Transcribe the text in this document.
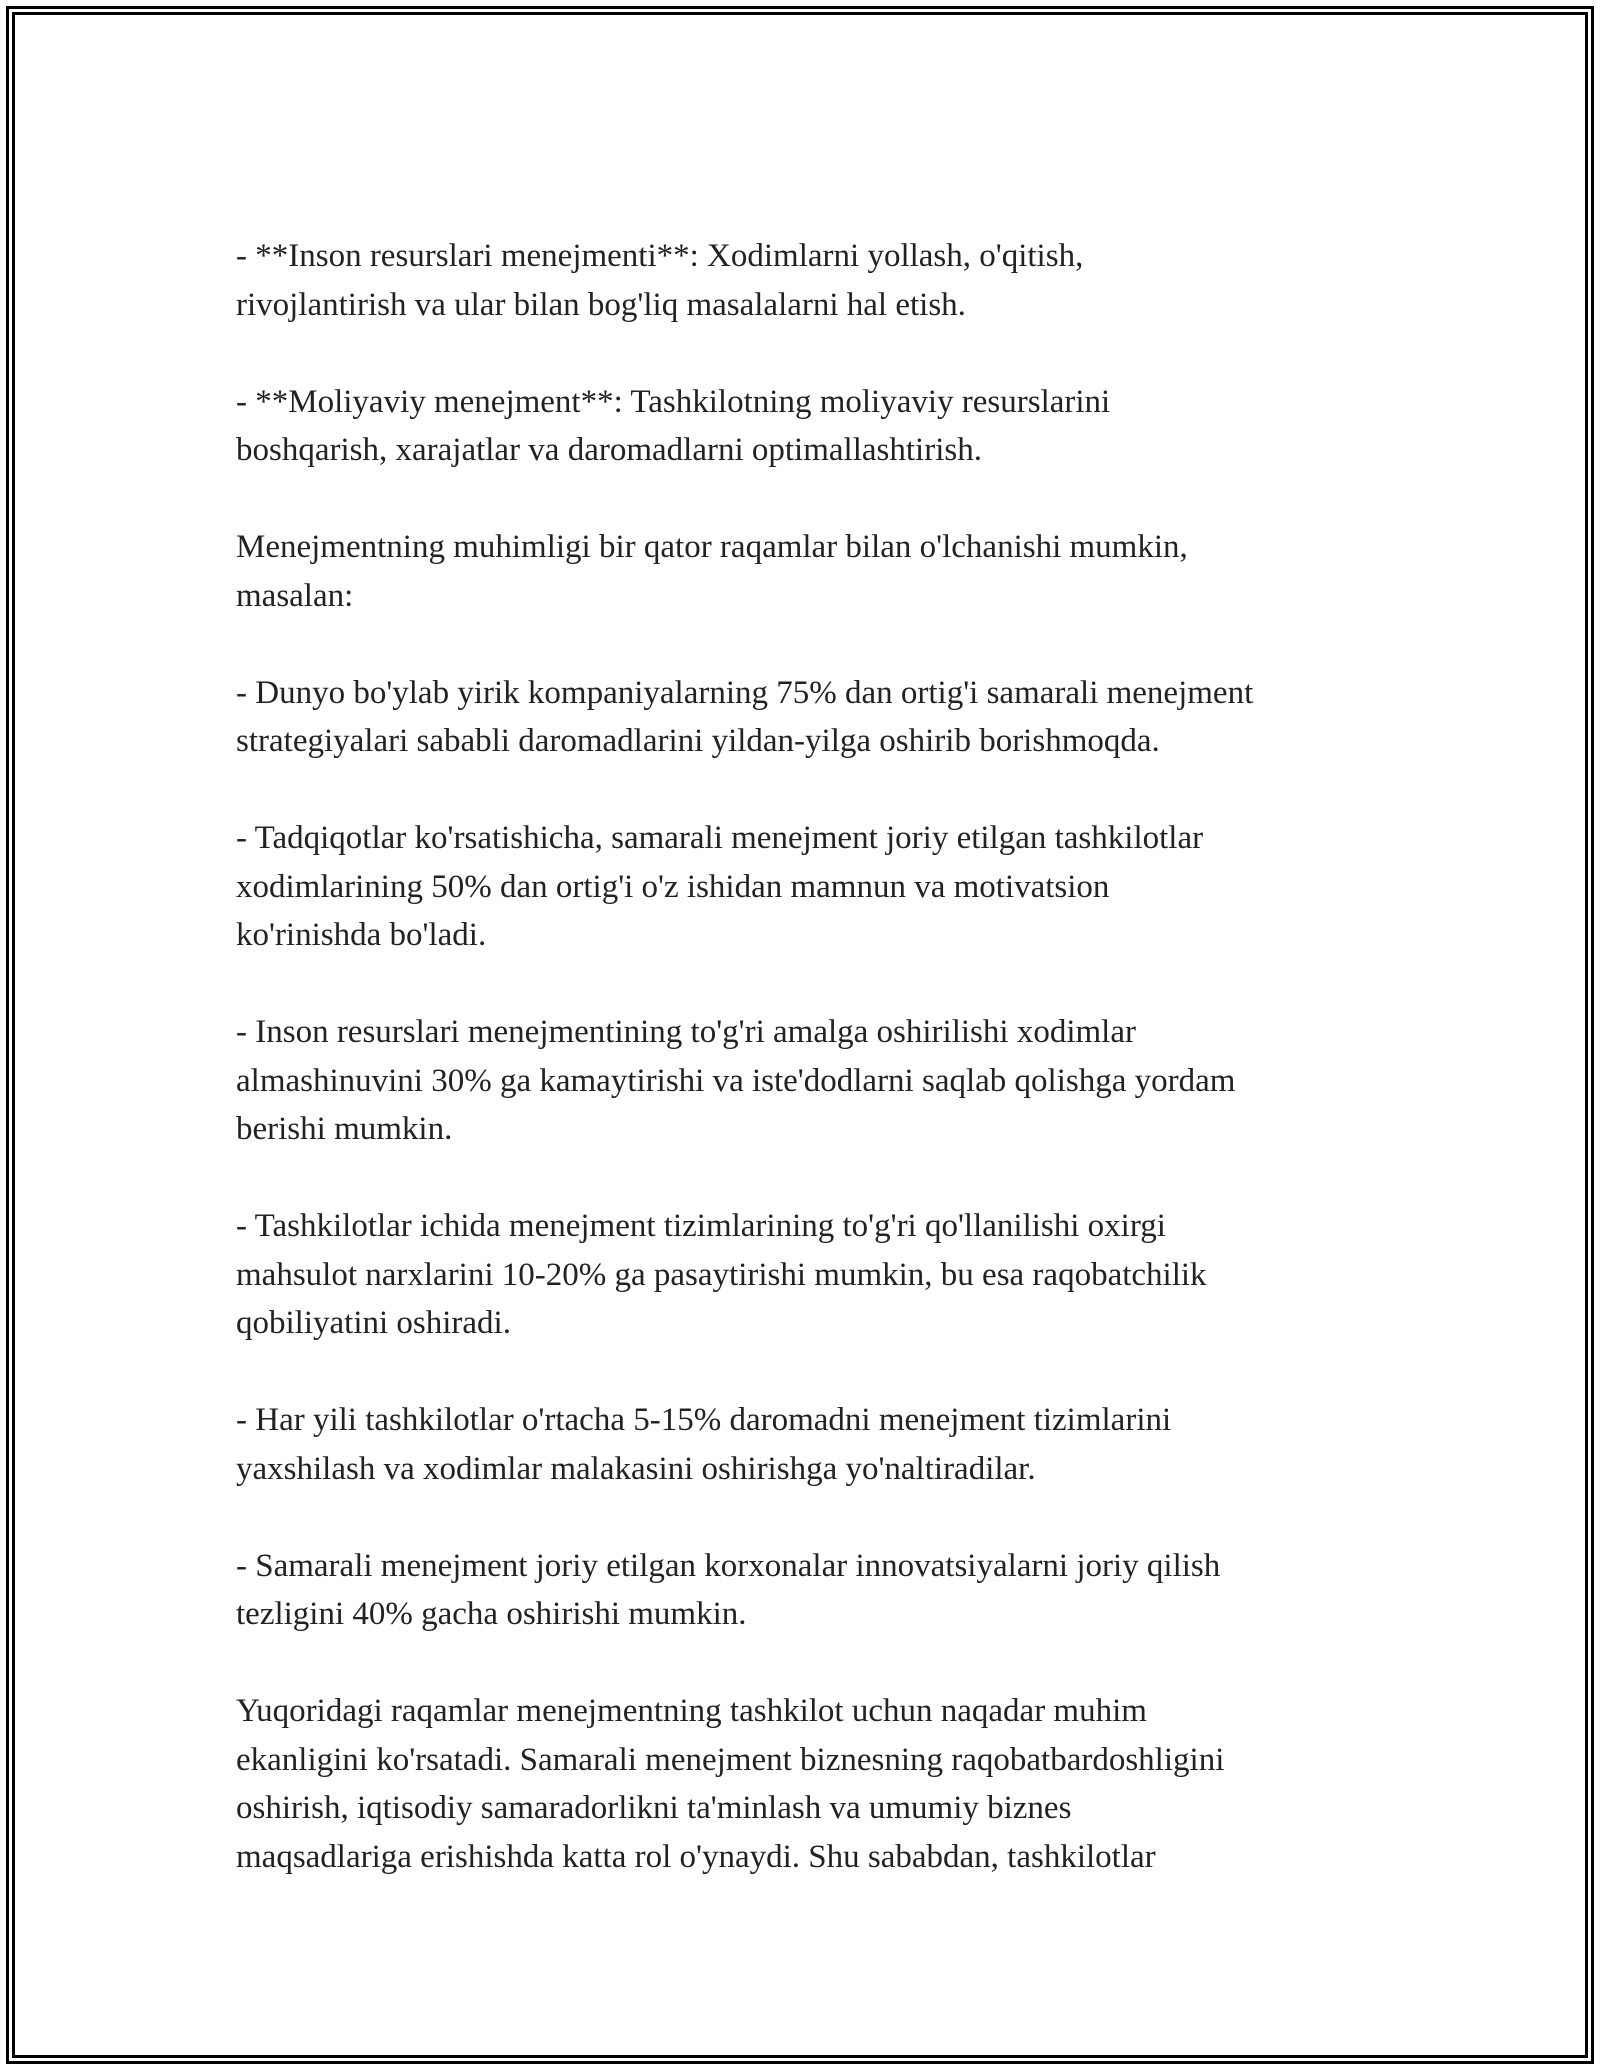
- **Inson resurslari menejmenti**: Xodimlarni yollash, o'qitish,
rivojlantirish va ular bilan bog'liq masalalarni hal etish.

- **Moliyaviy menejment**: Tashkilotning moliyaviy resurslarini
boshqarish, xarajatlar va daromadlarni optimallashtirish.

Menejmentning muhimligi bir qator raqamlar bilan o'lchanishi mumkin,
masalan:

- Dunyo bo'ylab yirik kompaniyalarning 75% dan ortig'i samarali menejment
strategiyalari sababli daromadlarini yildan-yilga oshirib borishmoqda.

- Tadqiqotlar ko'rsatishicha, samarali menejment joriy etilgan tashkilotlar
xodimlarining 50% dan ortig'i o'z ishidan mamnun va motivatsion
ko'rinishda bo'ladi.

- Inson resurslari menejmentining to'g'ri amalga oshirilishi xodimlar
almashinuvini 30% ga kamaytirishi va iste'dodlarni saqlab qolishga yordam
berishi mumkin.

- Tashkilotlar ichida menejment tizimlarining to'g'ri qo'llanilishi oxirgi
mahsulot narxlarini 10-20% ga pasaytirishi mumkin, bu esa raqobatchilik
qobiliyatini oshiradi.

- Har yili tashkilotlar o'rtacha 5-15% daromadni menejment tizimlarini
yaxshilash va xodimlar malakasini oshirishga yo'naltiradilar.

- Samarali menejment joriy etilgan korxonalar innovatsiyalarni joriy qilish
tezligini 40% gacha oshirishi mumkin.

Yuqoridagi raqamlar menejmentning tashkilot uchun naqadar muhim
ekanligini ko'rsatadi. Samarali menejment biznesning raqobatbardoshligini
oshirish, iqtisodiy samaradorlikni ta'minlash va umumiy biznes
maqsadlariga erishishda katta rol o'ynaydi. Shu sababdan, tashkilotlar
